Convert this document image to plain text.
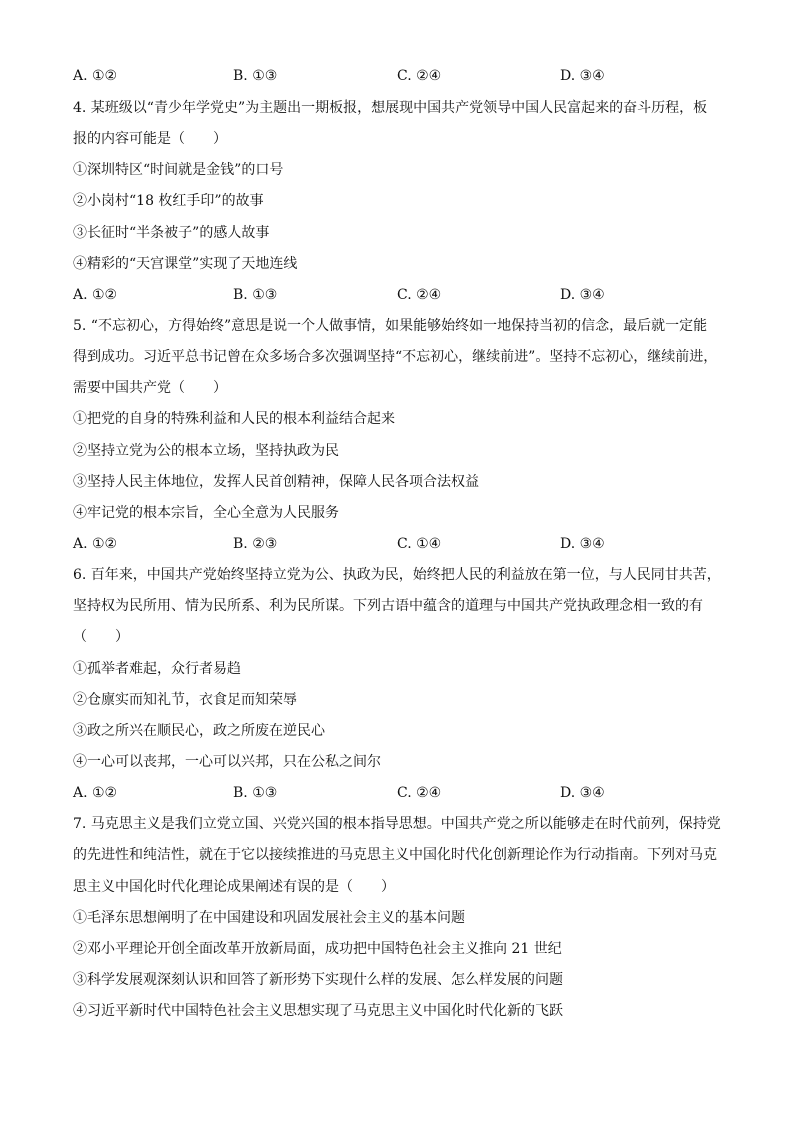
A. ①②	B. ①③	C. ②④	D. ③④
4. 某班级以“青少年学党史”为主题出一期板报，想展现中国共产党领导中国人民富起来的奋斗历程，板
报的内容可能是（　　）
①深圳特区“时间就是金钱”的口号
②小岗村“18 枚红手印”的故事
③长征时“半条被子”的感人故事
④精彩的“天宫课堂”实现了天地连线
A. ①②	B. ①③	C. ②④	D. ③④
5. “不忘初心，方得始终”意思是说一个人做事情，如果能够始终如一地保持当初的信念，最后就一定能
得到成功。习近平总书记曾在众多场合多次强调坚持“不忘初心，继续前进”。坚持不忘初心，继续前进，
需要中国共产党（　　）
①把党的自身的特殊利益和人民的根本利益结合起来
②坚持立党为公的根本立场，坚持执政为民
③坚持人民主体地位，发挥人民首创精神，保障人民各项合法权益
④牢记党的根本宗旨，全心全意为人民服务
A. ①②	B. ②③	C. ①④	D. ③④
6. 百年来，中国共产党始终坚持立党为公、执政为民，始终把人民的利益放在第一位，与人民同甘共苦，
坚持权为民所用、情为民所系、利为民所谋。下列古语中蕴含的道理与中国共产党执政理念相一致的有
（　　）
①孤举者难起，众行者易趋
②仓廪实而知礼节，衣食足而知荣辱
③政之所兴在顺民心，政之所废在逆民心
④一心可以丧邦，一心可以兴邦，只在公私之间尔
A. ①②	B. ①③	C. ②④	D. ③④
7. 马克思主义是我们立党立国、兴党兴国的根本指导思想。中国共产党之所以能够走在时代前列，保持党
的先进性和纯洁性，就在于它以接续推进的马克思主义中国化时代化创新理论作为行动指南。下列对马克
思主义中国化时代化理论成果阐述有误的是（　　）
①毛泽东思想阐明了在中国建设和巩固发展社会主义的基本问题
②邓小平理论开创全面改革开放新局面，成功把中国特色社会主义推向 21 世纪
③科学发展观深刻认识和回答了新形势下实现什么样的发展、怎么样发展的问题
④习近平新时代中国特色社会主义思想实现了马克思主义中国化时代化新的飞跃
